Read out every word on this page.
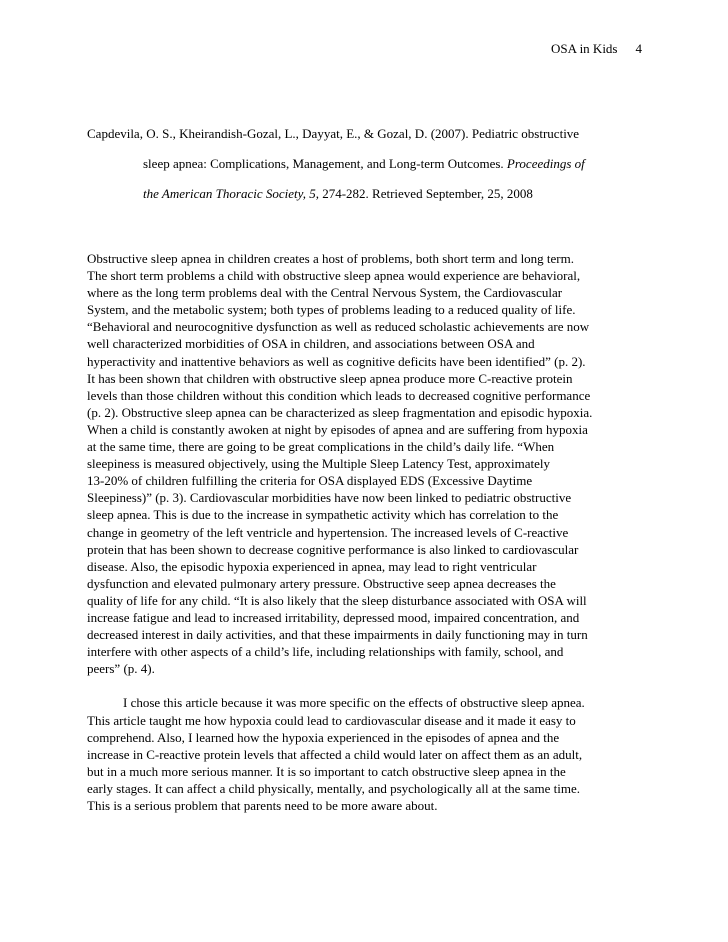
OSA in Kids 4
Capdevila, O. S., Kheirandish-Gozal, L., Dayyat, E., & Gozal, D. (2007). Pediatric obstructive
sleep apnea: Complications, Management, and Long-term Outcomes. Proceedings of
the American Thoracic Society, 5, 274-282. Retrieved September, 25, 2008
Obstructive sleep apnea in children creates a host of problems, both short term and long term.
The short term problems a child with obstructive sleep apnea would experience are behavioral,
where as the long term problems deal with the Central Nervous System, the Cardiovascular
System, and the metabolic system; both types of problems leading to a reduced quality of life.
“Behavioral and neurocognitive dysfunction as well as reduced scholastic achievements are now
well characterized morbidities of OSA in children, and associations between OSA and
hyperactivity and inattentive behaviors as well as cognitive deficits have been identified” (p. 2).
It has been shown that children with obstructive sleep apnea produce more C-reactive protein
levels than those children without this condition which leads to decreased cognitive performance
(p. 2). Obstructive sleep apnea can be characterized as sleep fragmentation and episodic hypoxia.
When a child is constantly awoken at night by episodes of apnea and are suffering from hypoxia
at the same time, there are going to be great complications in the child’s daily life. “When
sleepiness is measured objectively, using the Multiple Sleep Latency Test, approximately
13-20% of children fulfilling the criteria for OSA displayed EDS (Excessive Daytime
Sleepiness)” (p. 3). Cardiovascular morbidities have now been linked to pediatric obstructive
sleep apnea. This is due to the increase in sympathetic activity which has correlation to the
change in geometry of the left ventricle and hypertension. The increased levels of C-reactive
protein that has been shown to decrease cognitive performance is also linked to cardiovascular
disease. Also, the episodic hypoxia experienced in apnea, may lead to right ventricular
dysfunction and elevated pulmonary artery pressure. Obstructive seep apnea decreases the
quality of life for any child. “It is also likely that the sleep disturbance associated with OSA will
increase fatigue and lead to increased irritability, depressed mood, impaired concentration, and
decreased interest in daily activities, and that these impairments in daily functioning may in turn
interfere with other aspects of a child’s life, including relationships with family, school, and
peers” (p. 4).
I chose this article because it was more specific on the effects of obstructive sleep apnea.
This article taught me how hypoxia could lead to cardiovascular disease and it made it easy to
comprehend. Also, I learned how the hypoxia experienced in the episodes of apnea and the
increase in C-reactive protein levels that affected a child would later on affect them as an adult,
but in a much more serious manner. It is so important to catch obstructive sleep apnea in the
early stages. It can affect a child physically, mentally, and psychologically all at the same time.
This is a serious problem that parents need to be more aware about.
